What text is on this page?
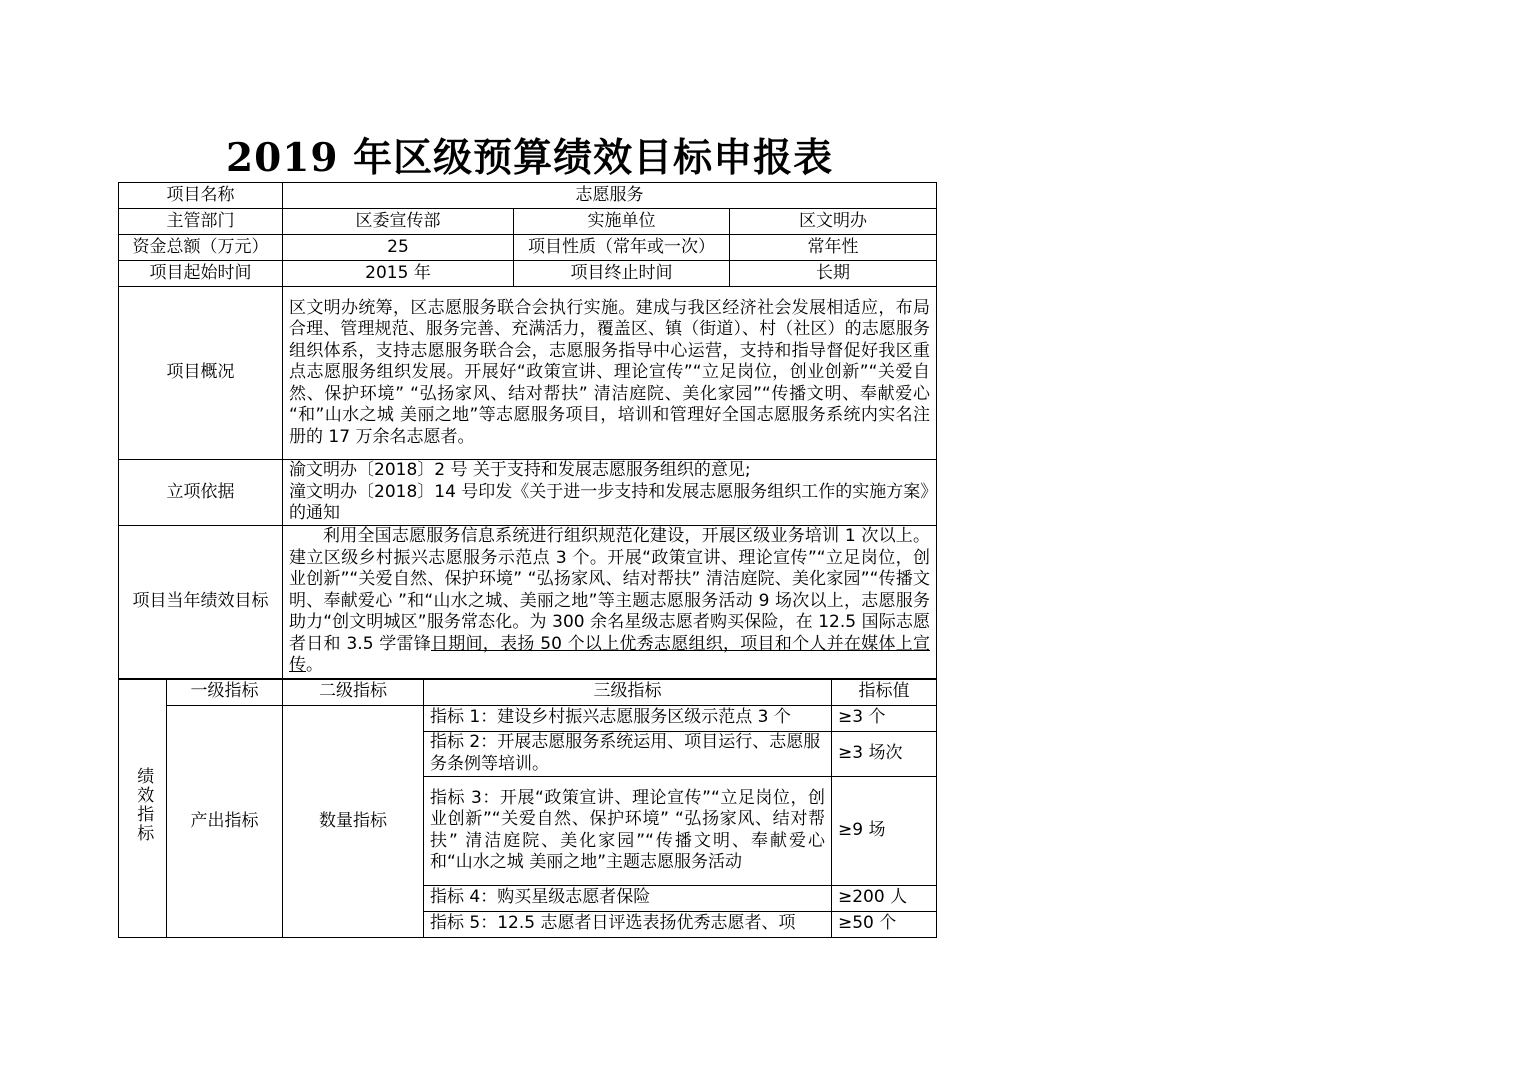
2019 年区级预算绩效目标申报表
项目名称	志愿服务		
主管部门	区委宣传部	实施单位	区文明办
资金总额（万元）	25	项目性质（常年或一次）	常年性
项目起始时间	2015 年	项目终止时间	长期
项目概况	区文明办统筹，区志愿服务联合会执行实施。建成与我区经济社会发展相适应，布局合理、管理规范、服务完善、充满活力，覆盖区、镇（街道）、村（社区）的志愿服务组织体系，支持志愿服务联合会，志愿服务指导中心运营，支持和指导督促好我区重点志愿服务组织发展。开展好“政策宣讲、理论宣传”“立足岗位，创业创新”“关爱自然、保护环境” “弘扬家风、结对帮扶” 清洁庭院、美化家园”“传播文明、奉献爱心 “和”山水之城 美丽之地”等志愿服务项目，培训和管理好全国志愿服务系统内实名注册的 17 万余名志愿者。		
立项依据	渝文明办〔2018〕2 号 关于支持和发展志愿服务组织的意见;
潼文明办〔2018〕14 号印发《关于进一步支持和发展志愿服务组织工作的实施方案》的通知		

项目当年绩效目标	利用全国志愿服务信息系统进行组织规范化建设，开展区级业务培训 1 次以上。建立区级乡村振兴志愿服务示范点 3 个。开展“政策宣讲、理论宣传”“立足岗位，创业创新”“关爱自然、保护环境” “弘扬家风、结对帮扶” 清洁庭院、美化家园”“传播文明、奉献爱心 ”和“山水之城、美丽之地”等主题志愿服务活动 9 场次以上，志愿服务助力“创文明城区”服务常态化。为 300 余名星级志愿者购买保险，在 12.5 国际志愿者日和 3.5 学雷锋日期间，表扬 50 个以上优秀志愿组织，项目和个人并在媒体上宣传。		
绩效指标	一级指标	二级指标	三级指标	指标值
	产出指标	数量指标	指标 1：建设乡村振兴志愿服务区级示范点 3 个	≥3 个
			指标 2：开展志愿服务系统运用、项目运行、志愿服务条例等培训。	≥3 场次
			指标 3：开展“政策宣讲、理论宣传”“立足岗位，创业创新”“关爱自然、保护环境” “弘扬家风、结对帮扶” 清洁庭院、美化家园”“传播文明、奉献爱心和“山水之城 美丽之地”主题志愿服务活动	≥9 场
			指标 4：购买星级志愿者保险	≥200 人
			指标 5：12.5 志愿者日评选表扬优秀志愿者、项	≥50 个
